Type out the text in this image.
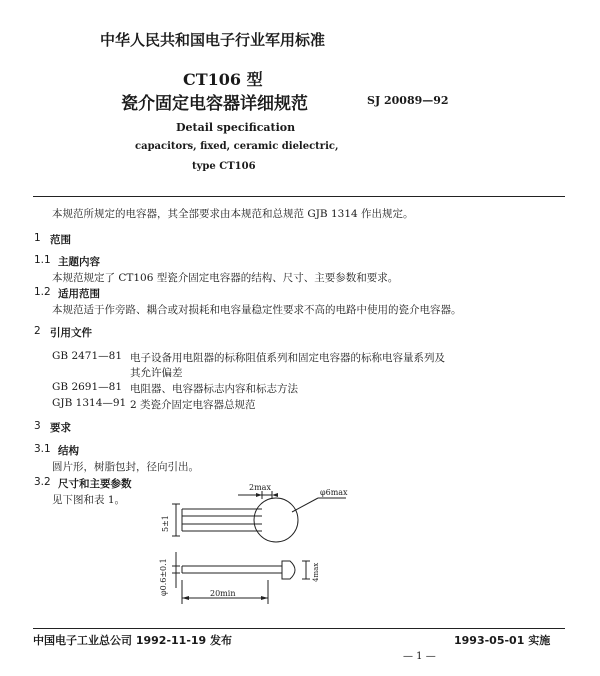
中华人民共和国电子行业军用标准
CT106 型
瓷介固定电容器详细规范	SJ 20089—92
Detail specification
capacitors, fixed, ceramic dielectric,
type CT106
本规范所规定的电容器，其全部要求由本规范和总规范 GJB 1314 作出规定。
1 范围
1.1 主题内容
本规范规定了 CT106 型瓷介固定电容器的结构、尺寸、主要参数和要求。
1.2 适用范围
本规范适于作旁路、耦合或对损耗和电容量稳定性要求不高的电路中使用的瓷介电容器。
2 引用文件
GB 2471—81 电子设备用电阻器的标称阻值系列和固定电容器的标称电容量系列及
其允许偏差
GB 2691—81 电阻器、电容器标志内容和标志方法
GJB 1314—91 2 类瓷介固定电容器总规范
3 要求
3.1 结构
圆片形，树脂包封，径向引出。
3.2 尺寸和主要参数
见下图和表 1。
2max
φ6max
5±1
φ0.6±0.1	4max
20min
中国电子工业总公司 1992-11-19 发布	1993-05-01 实施
— 1 —
